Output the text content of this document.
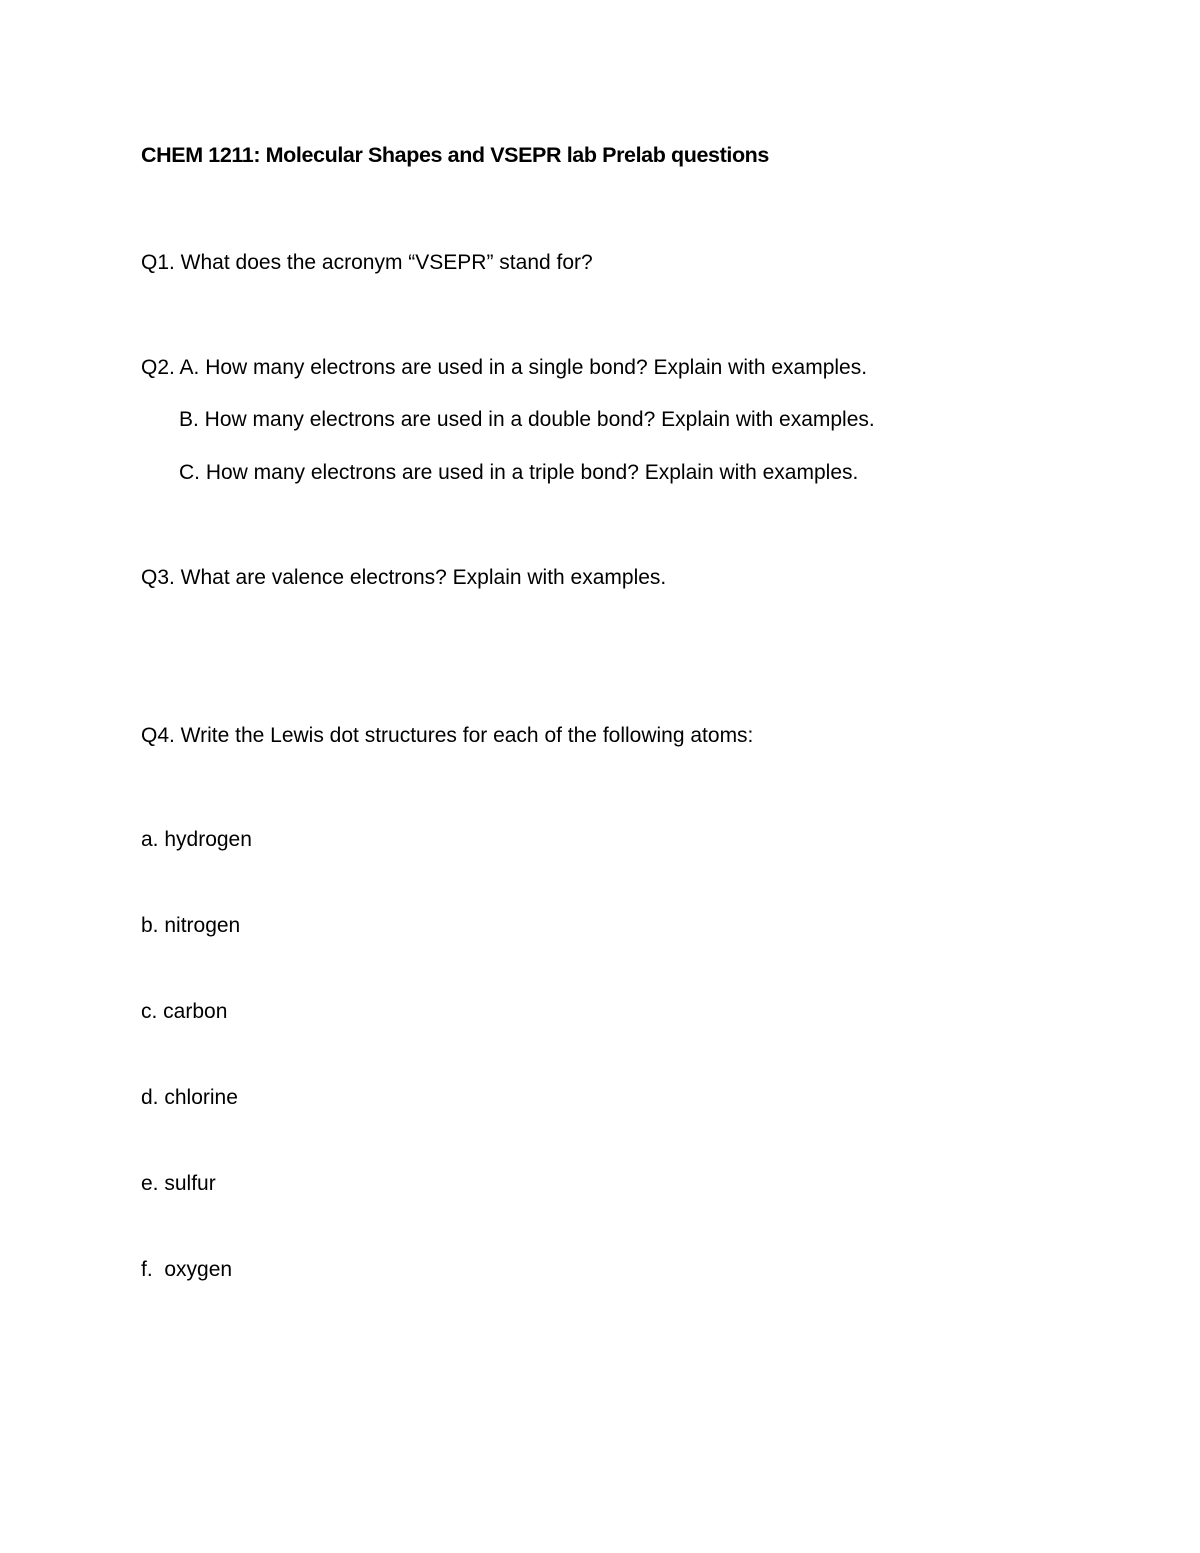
CHEM 1211: Molecular Shapes and VSEPR lab Prelab questions
Q1. What does the acronym “VSEPR” stand for?
Q2. A. How many electrons are used in a single bond? Explain with examples.
B. How many electrons are used in a double bond? Explain with examples.
C. How many electrons are used in a triple bond? Explain with examples.
Q3. What are valence electrons? Explain with examples.
Q4. Write the Lewis dot structures for each of the following atoms:
a. hydrogen
b. nitrogen
c. carbon
d. chlorine
e. sulfur
f.  oxygen
